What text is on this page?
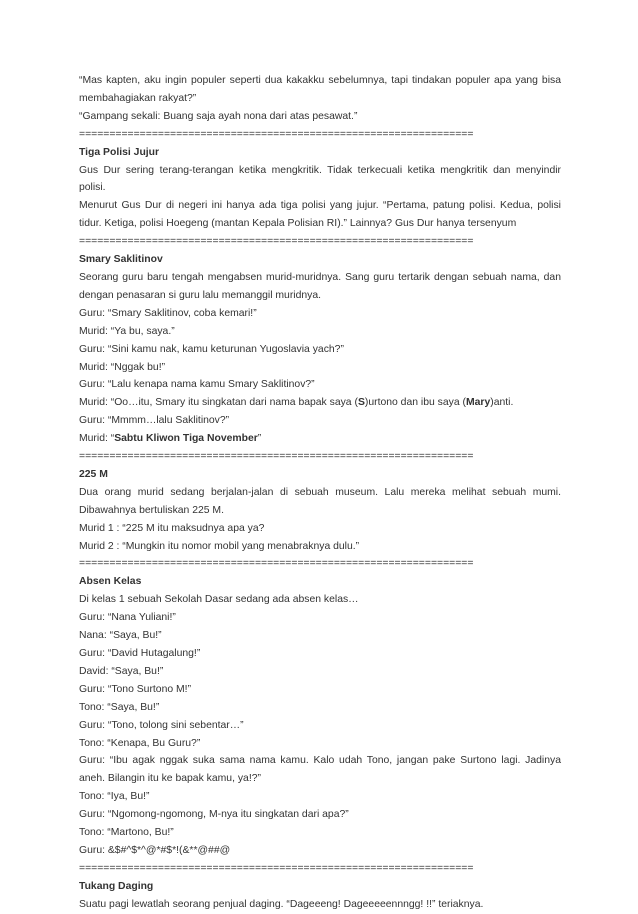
“Mas kapten, aku ingin populer seperti dua kakakku sebelumnya, tapi tindakan populer apa yang bisa membahagiakan rakyat?”

“Gampang sekali: Buang saja ayah nona dari atas pesawat.”

=================================================================

Tiga Polisi Jujur

Gus Dur sering terang-terangan ketika mengkritik. Tidak terkecuali ketika mengkritik dan menyindir polisi.

Menurut Gus Dur di negeri ini hanya ada tiga polisi yang jujur. “Pertama, patung polisi. Kedua, polisi tidur. Ketiga, polisi Hoegeng (mantan Kepala Polisian RI).” Lainnya? Gus Dur hanya tersenyum

=================================================================

Smary Saklitinov

Seorang guru baru tengah mengabsen murid-muridnya. Sang guru tertarik dengan sebuah nama, dan dengan penasaran si guru lalu memanggil muridnya.

Guru: “Smary Saklitinov, coba kemari!”

Murid: “Ya bu, saya.”

Guru: “Sini kamu nak, kamu keturunan Yugoslavia yach?”

Murid: “Nggak bu!”

Guru: “Lalu kenapa nama kamu Smary Saklitinov?”

Murid: “Oo…itu, Smary itu singkatan dari nama bapak saya (S)urtono dan ibu saya (Mary)anti.

Guru: “Mmmm…lalu Saklitinov?”

Murid: “Sabtu Kliwon Tiga November”

=================================================================

225 M

Dua orang murid sedang berjalan-jalan di sebuah museum. Lalu mereka melihat sebuah mumi. Dibawahnya bertuliskan 225 M.

Murid 1 : “225 M itu maksudnya apa ya?

Murid 2 : “Mungkin itu nomor mobil yang menabraknya dulu.”

=================================================================

Absen Kelas

Di kelas 1 sebuah Sekolah Dasar sedang ada absen kelas…

Guru: “Nana Yuliani!”

Nana: “Saya, Bu!”

Guru: “David Hutagalung!”

David: “Saya, Bu!”

Guru: “Tono Surtono M!”

Tono: “Saya, Bu!”

Guru: “Tono, tolong sini sebentar…”

Tono: “Kenapa, Bu Guru?”

Guru: “Ibu agak nggak suka sama nama kamu. Kalo udah Tono, jangan pake Surtono lagi. Jadinya aneh. Bilangin itu ke bapak kamu, ya!?”

Tono: “Iya, Bu!”

Guru: “Ngomong-ngomong, M-nya itu singkatan dari apa?”

Tono: “Martono, Bu!”

Guru: &$#^$*^@*#$*!(&**@##@

=================================================================

Tukang Daging

Suatu pagi lewatlah seorang penjual daging. “Dageeeng! Dageeeeennngg! !!” teriaknya.
